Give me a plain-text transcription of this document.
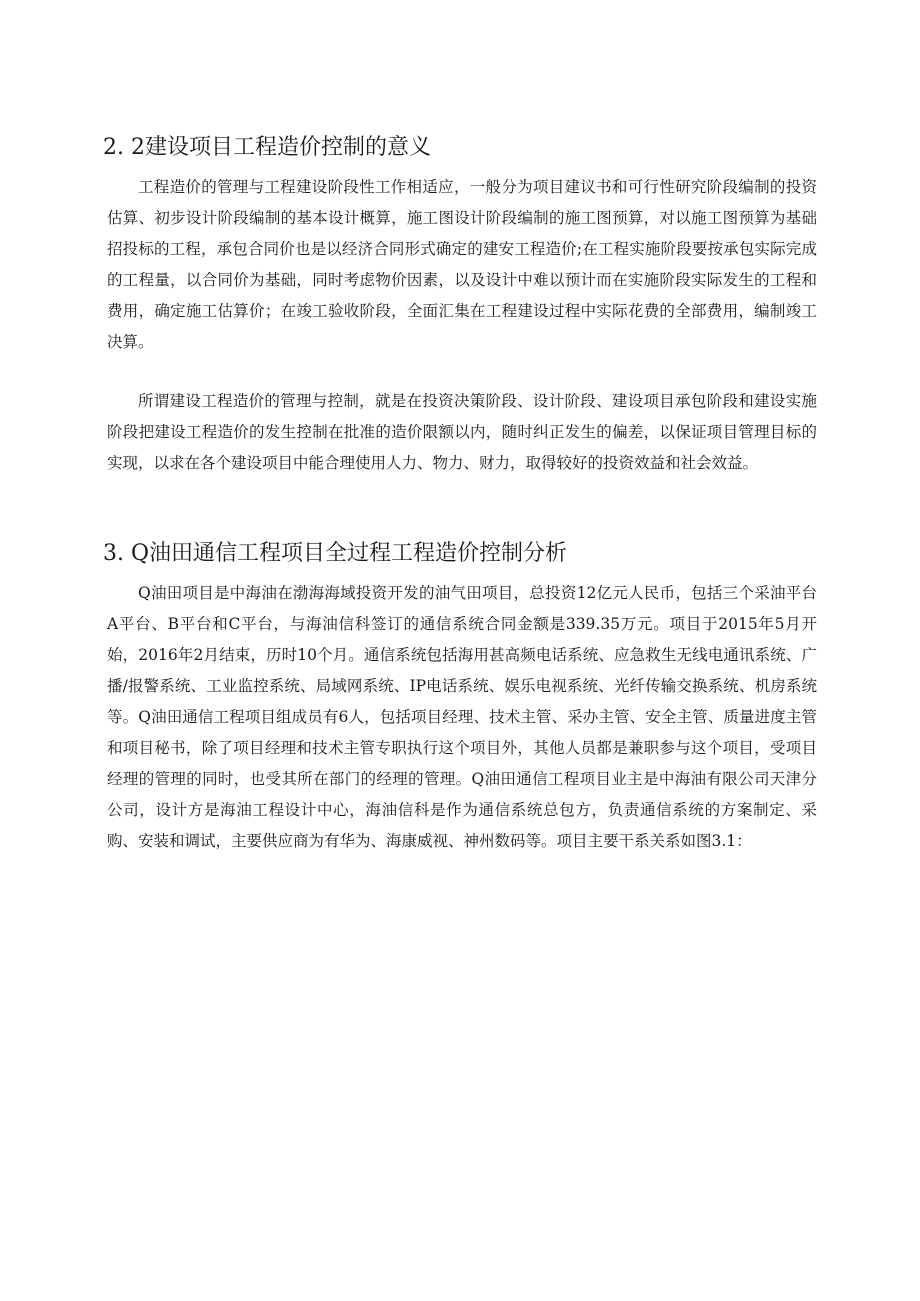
2. 2建设项目工程造价控制的意义

工程造价的管理与工程建设阶段性工作相适应，一般分为项目建议书和可行性研究阶段编制的投资估算、初步设计阶段编制的基本设计概算，施工图设计阶段编制的施工图预算，对以施工图预算为基础招投标的工程，承包合同价也是以经济合同形式确定的建安工程造价;在工程实施阶段要按承包实际完成的工程量，以合同价为基础，同时考虑物价因素，以及设计中难以预计而在实施阶段实际发生的工程和费用，确定施工估算价；在竣工验收阶段，全面汇集在工程建设过程中实际花费的全部费用，编制竣工决算。

所谓建设工程造价的管理与控制，就是在投资决策阶段、设计阶段、建设项目承包阶段和建设实施阶段把建设工程造价的发生控制在批准的造价限额以内，随时纠正发生的偏差，以保证项目管理目标的实现，以求在各个建设项目中能合理使用人力、物力、财力，取得较好的投资效益和社会效益。

3. Q油田通信工程项目全过程工程造价控制分析

Q油田项目是中海油在渤海海域投资开发的油气田项目，总投资12亿元人民币，包括三个采油平台A平台、B平台和C平台，与海油信科签订的通信系统合同金额是339.35万元。项目于2015年5月开始，2016年2月结束，历时10个月。通信系统包括海用甚高频电话系统、应急救生无线电通讯系统、广播/报警系统、工业监控系统、局域网系统、IP电话系统、娱乐电视系统、光纤传输交换系统、机房系统等。Q油田通信工程项目组成员有6人，包括项目经理、技术主管、采办主管、安全主管、质量进度主管和项目秘书，除了项目经理和技术主管专职执行这个项目外，其他人员都是兼职参与这个项目，受项目经理的管理的同时，也受其所在部门的经理的管理。Q油田通信工程项目业主是中海油有限公司天津分公司，设计方是海油工程设计中心，海油信科是作为通信系统总包方，负责通信系统的方案制定、采购、安装和调试，主要供应商为有华为、海康威视、神州数码等。项目主要干系关系如图3.1：
